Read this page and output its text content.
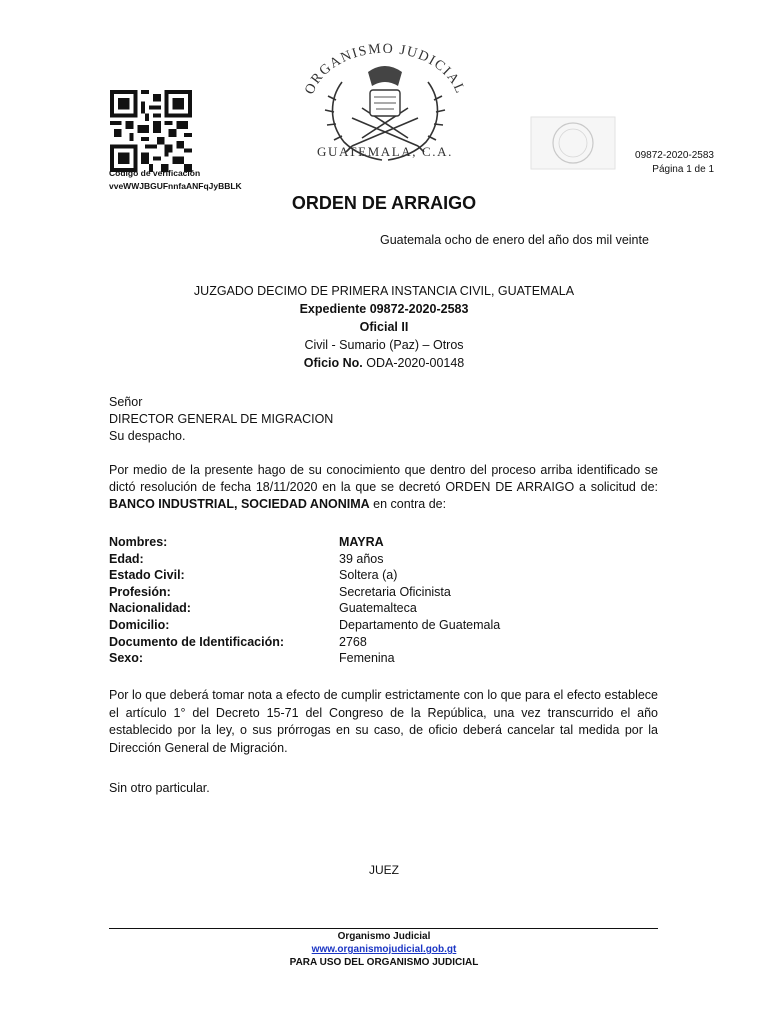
Código de verificación
vveWWJBGUFnnfaANFqJyBBLK
ORGANISMO JUDICIAL
GUATEMALA, C.A.	09872-2020-2583
Página 1 de 1
ORDEN DE ARRAIGO
Guatemala ocho de enero del año dos mil veinte
JUZGADO DECIMO DE PRIMERA INSTANCIA CIVIL, GUATEMALA
Expediente 09872-2020-2583
Oficial II
Civil - Sumario (Paz) – Otros
Oficio No. ODA-2020-00148
Señor
DIRECTOR GENERAL DE MIGRACION
Su despacho.

Por medio de la presente hago de su conocimiento que dentro del proceso arriba identificado se dictó resolución de fecha 18/11/2020 en la que se decretó ORDEN DE ARRAIGO a solicitud de: BANCO INDUSTRIAL, SOCIEDAD ANONIMA en contra de:

Nombres:	MAYRA
Edad:	39 años
Estado Civil:	Soltera (a)
Profesión:	Secretaria Oficinista
Nacionalidad:	Guatemalteca
Domicilio:	Departamento de Guatemala
Documento de Identificación:	2768
Sexo:	Femenina

Por lo que deberá tomar nota a efecto de cumplir estrictamente con lo que para el efecto establece el artículo 1° del Decreto 15-71 del Congreso de la República, una vez transcurrido el año establecido por la ley, o sus prórrogas en su caso, de oficio deberá cancelar tal medida por la Dirección General de Migración.

Sin otro particular.
JUEZ
Organismo Judicial
www.organismojudicial.gob.gt
PARA USO DEL ORGANISMO JUDICIAL
